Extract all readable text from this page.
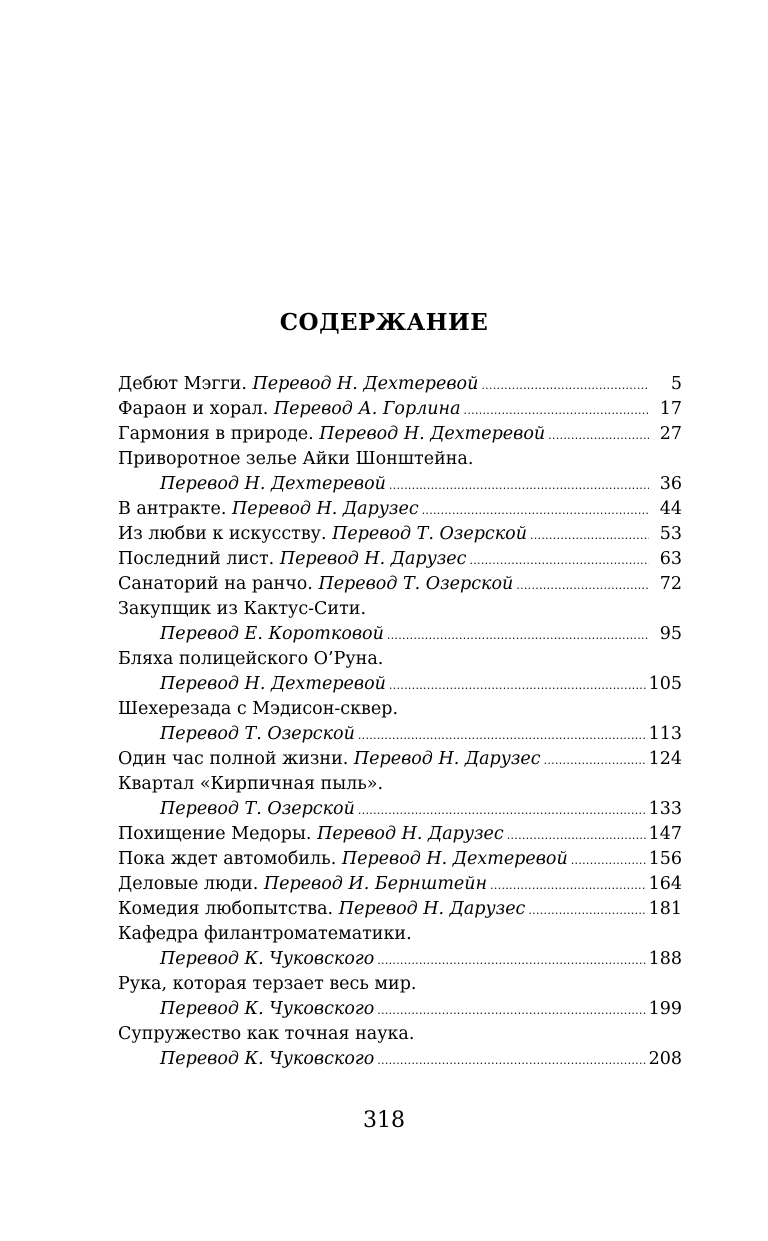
СОДЕРЖАНИЕ
Дебют Мэгги. Перевод Н. Дехтеревой . . .	5
Фараон и хорал. Перевод А. Горлина . . .	17
Гармония в природе. Перевод Н. Дехтеревой . . .	27
Приворотное зелье Айки Шонштейна.
Перевод Н. Дехтеревой . . .	36
В антракте. Перевод Н. Дарузес . . .	44
Из любви к искусству. Перевод Т. Озерской . . .	53
Последний лист. Перевод Н. Дарузес . . .	63
Санаторий на ранчо. Перевод Т. Озерской . . .	72
Закупщик из Кактус-Сити.
Перевод Е. Коротковой . . .	95
Бляха полицейского О’Руна.
Перевод Н. Дехтеревой . . .	105
Шехерезада с Мэдисон-сквер.
Перевод Т. Озерской . . .	113
Один час полной жизни. Перевод Н. Дарузес . . .	124
Квартал «Кирпичная пыль».
Перевод Т. Озерской . . .	133
Похищение Медоры. Перевод Н. Дарузес . . .	147
Пока ждет автомобиль. Перевод Н. Дехтеревой . . .	156
Деловые люди. Перевод И. Бернштейн . . .	164
Комедия любопытства. Перевод Н. Дарузес . . .	181
Кафедра филантроматематики.
Перевод К. Чуковского . . .	188
Рука, которая терзает весь мир.
Перевод К. Чуковского . . .	199
Супружество как точная наука.
Перевод К. Чуковского . . .	208
318
